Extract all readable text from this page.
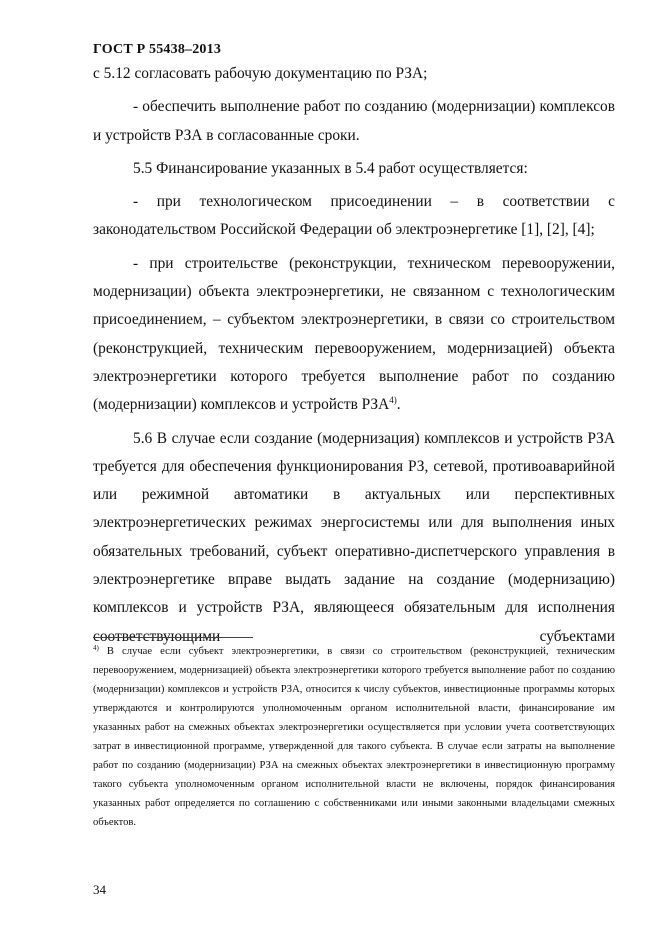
ГОСТ Р 55438–2013

с 5.12 согласовать рабочую документацию по РЗА;

- обеспечить выполнение работ по созданию (модернизации) комплексов и устройств РЗА в согласованные сроки.

5.5 Финансирование указанных в 5.4 работ осуществляется:

- при технологическом присоединении – в соответствии с законодательством Российской Федерации об электроэнергетике [1], [2], [4];

- при строительстве (реконструкции, техническом перевооружении, модернизации) объекта электроэнергетики, не связанном с технологическим присоединением, – субъектом электроэнергетики, в связи со строительством (реконструкцией, техническим перевооружением, модернизацией) объекта электроэнергетики которого требуется выполнение работ по созданию (модернизации) комплексов и устройств РЗА$^{4)}$.

5.6 В случае если создание (модернизация) комплексов и устройств РЗА требуется для обеспечения функционирования РЗ, сетевой, противоаварийной или режимной автоматики в актуальных или перспективных электроэнергетических режимах энергосистемы или для выполнения иных обязательных требований, субъект оперативно-диспетчерского управления в электроэнергетике вправе выдать задание на создание (модернизацию) комплексов и устройств РЗА, являющееся обязательным для исполнения соответствующими субъектами

$^{4)}$ В случае если субъект электроэнергетики, в связи со строительством (реконструкцией, техническим перевооружением, модернизацией) объекта электроэнергетики которого требуется выполнение работ по созданию (модернизации) комплексов и устройств РЗА, относится к числу субъектов, инвестиционные программы которых утверждаются и контролируются уполномоченным органом исполнительной власти, финансирование им указанных работ на смежных объектах электроэнергетики осуществляется при условии учета соответствующих затрат в инвестиционной программе, утвержденной для такого субъекта. В случае если затраты на выполнение работ по созданию (модернизации) РЗА на смежных объектах электроэнергетики в инвестиционную программу такого субъекта уполномоченным органом исполнительной власти не включены, порядок финансирования указанных работ определяется по соглашению с собственниками или иными законными владельцами смежных объектов.
34
